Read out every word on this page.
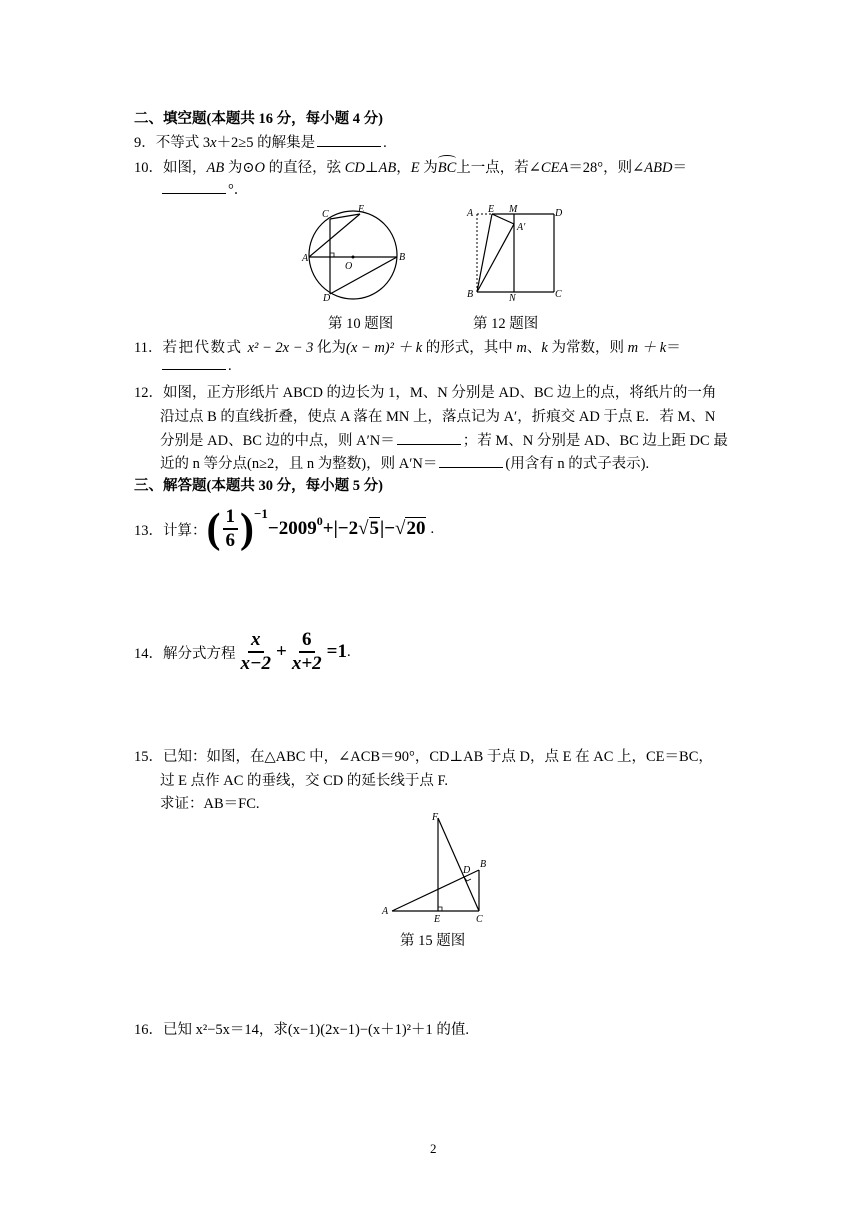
二、填空题(本题共 16 分，每小题 4 分)
9．不等式 3x＋2≥5 的解集是	.
10．如图，AB 为⊙O 的直径，弦 CD⊥AB，E 为BC上一点，若∠CEA＝28°，则∠ABD＝
°．
C	E
A	B
O
D
第 10 题图
A E M	D
A′
B	N	C
第 12 题图
11．若把代数式 x² − 2x − 3 化为(x − m)² ＋ k 的形式，其中 m、k 为常数，则 m ＋ k＝
.
12．如图，正方形纸片 ABCD 的边长为 1，M、N 分别是 AD、BC 边上的点，将纸片的一角
沿过点 B 的直线折叠，使点 A 落在 MN 上，落点记为 A′，折痕交 AD 于点 E．若 M、N
分别是 AD、BC 边的中点，则 A′N＝	；若 M、N 分别是 AD、BC 边上距 DC 最
近的 n 等分点(n≥2，且 n 为整数)，则 A′N＝	(用含有 n 的式子表示).
三、解答题(本题共 30 分，每小题 5 分)
13．计算： ( $\frac{1}{6}$ ) −1
−2009 0 +|−2 √5 |− √20 .
14．解分式方程 $\frac{x}{x-2} + \frac{6}{x+2} =1$ .
15．已知：如图，在△ABC 中，∠ACB＝90°，CD⊥AB 于点 D，点 E 在 AC 上，CE＝BC，
过 E 点作 AC 的垂线，交 CD 的延长线于点 F.
求证：AB＝FC.
F
B
D
A
E	C
第 15 题图
16．已知 x²−5x＝14，求(x−1)(2x−1)−(x＋1)²＋1 的值.
2
